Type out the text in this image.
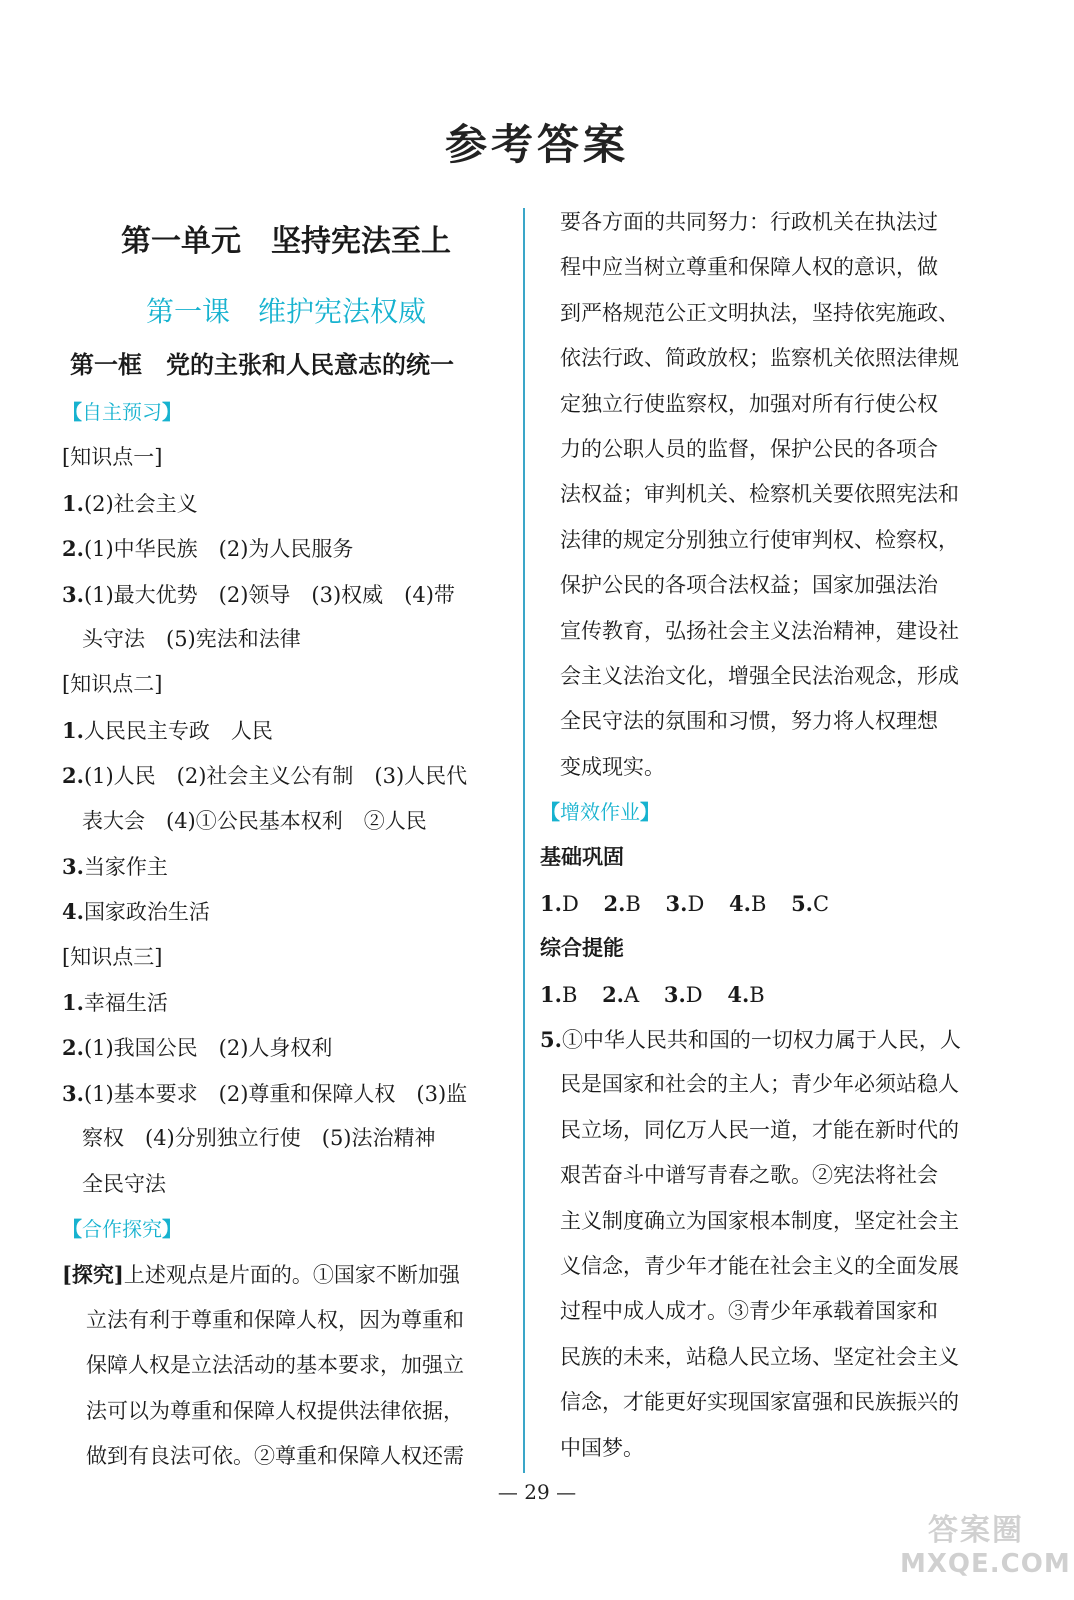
参考答案
第一单元　坚持宪法至上
第一课　维护宪法权威
第一框　党的主张和人民意志的统一
【自主预习】
[知识点一]
1.(2)社会主义
2.(1)中华民族　(2)为人民服务
3.(1)最大优势　(2)领导　(3)权威　(4)带
头守法　(5)宪法和法律
[知识点二]
1.人民民主专政　人民
2.(1)人民　(2)社会主义公有制　(3)人民代
表大会　(4)①公民基本权利　②人民
3.当家作主
4.国家政治生活
[知识点三]
1.幸福生活
2.(1)我国公民　(2)人身权利
3.(1)基本要求　(2)尊重和保障人权　(3)监
察权　(4)分别独立行使　(5)法治精神
全民守法
【合作探究】
[探究]上述观点是片面的。①国家不断加强
立法有利于尊重和保障人权，因为尊重和
保障人权是立法活动的基本要求，加强立
法可以为尊重和保障人权提供法律依据，
做到有良法可依。②尊重和保障人权还需
要各方面的共同努力：行政机关在执法过
程中应当树立尊重和保障人权的意识，做
到严格规范公正文明执法，坚持依宪施政、
依法行政、简政放权；监察机关依照法律规
定独立行使监察权，加强对所有行使公权
力的公职人员的监督，保护公民的各项合
法权益；审判机关、检察机关要依照宪法和
法律的规定分别独立行使审判权、检察权，
保护公民的各项合法权益；国家加强法治
宣传教育，弘扬社会主义法治精神，建设社
会主义法治文化，增强全民法治观念，形成
全民守法的氛围和习惯，努力将人权理想
变成现实。
【增效作业】
基础巩固
1.D 2.B 3.D 4.B 5.C
综合提能
1.B 2.A 3.D 4.B
5.①中华人民共和国的一切权力属于人民，人
民是国家和社会的主人；青少年必须站稳人
民立场，同亿万人民一道，才能在新时代的
艰苦奋斗中谱写青春之歌。②宪法将社会
主义制度确立为国家根本制度，坚定社会主
义信念，青少年才能在社会主义的全面发展
过程中成人成才。③青少年承载着国家和
民族的未来，站稳人民立场、坚定社会主义
信念，才能更好实现国家富强和民族振兴的
中国梦。
— 29 —
答案圈
MXQE.COM
